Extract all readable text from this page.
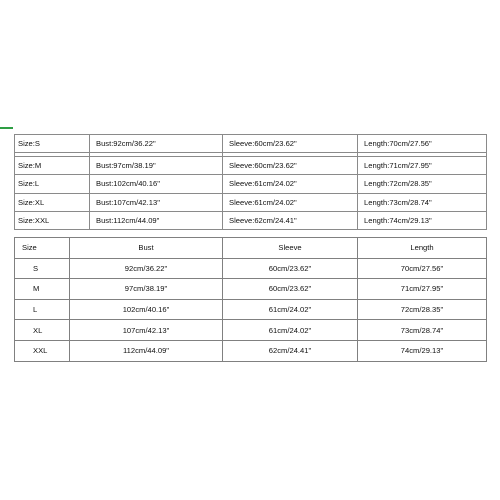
Size:S	Bust:92cm/36.22"	Sleeve:60cm/23.62"	Length:70cm/27.56"

Size:M	Bust:97cm/38.19"	Sleeve:60cm/23.62"	Length:71cm/27.95"
Size:L	Bust:102cm/40.16"	Sleeve:61cm/24.02"	Length:72cm/28.35"
Size:XL	Bust:107cm/42.13"	Sleeve:61cm/24.02"	Length:73cm/28.74"
Size:XXL	Bust:112cm/44.09"	Sleeve:62cm/24.41"	Length:74cm/29.13"
Size	Bust	Sleeve	Length
S	92cm/36.22"	60cm/23.62"	70cm/27.56"
M	97cm/38.19"	60cm/23.62"	71cm/27.95"
L	102cm/40.16"	61cm/24.02"	72cm/28.35"
XL	107cm/42.13"	61cm/24.02"	73cm/28.74"
XXL	112cm/44.09"	62cm/24.41"	74cm/29.13"
